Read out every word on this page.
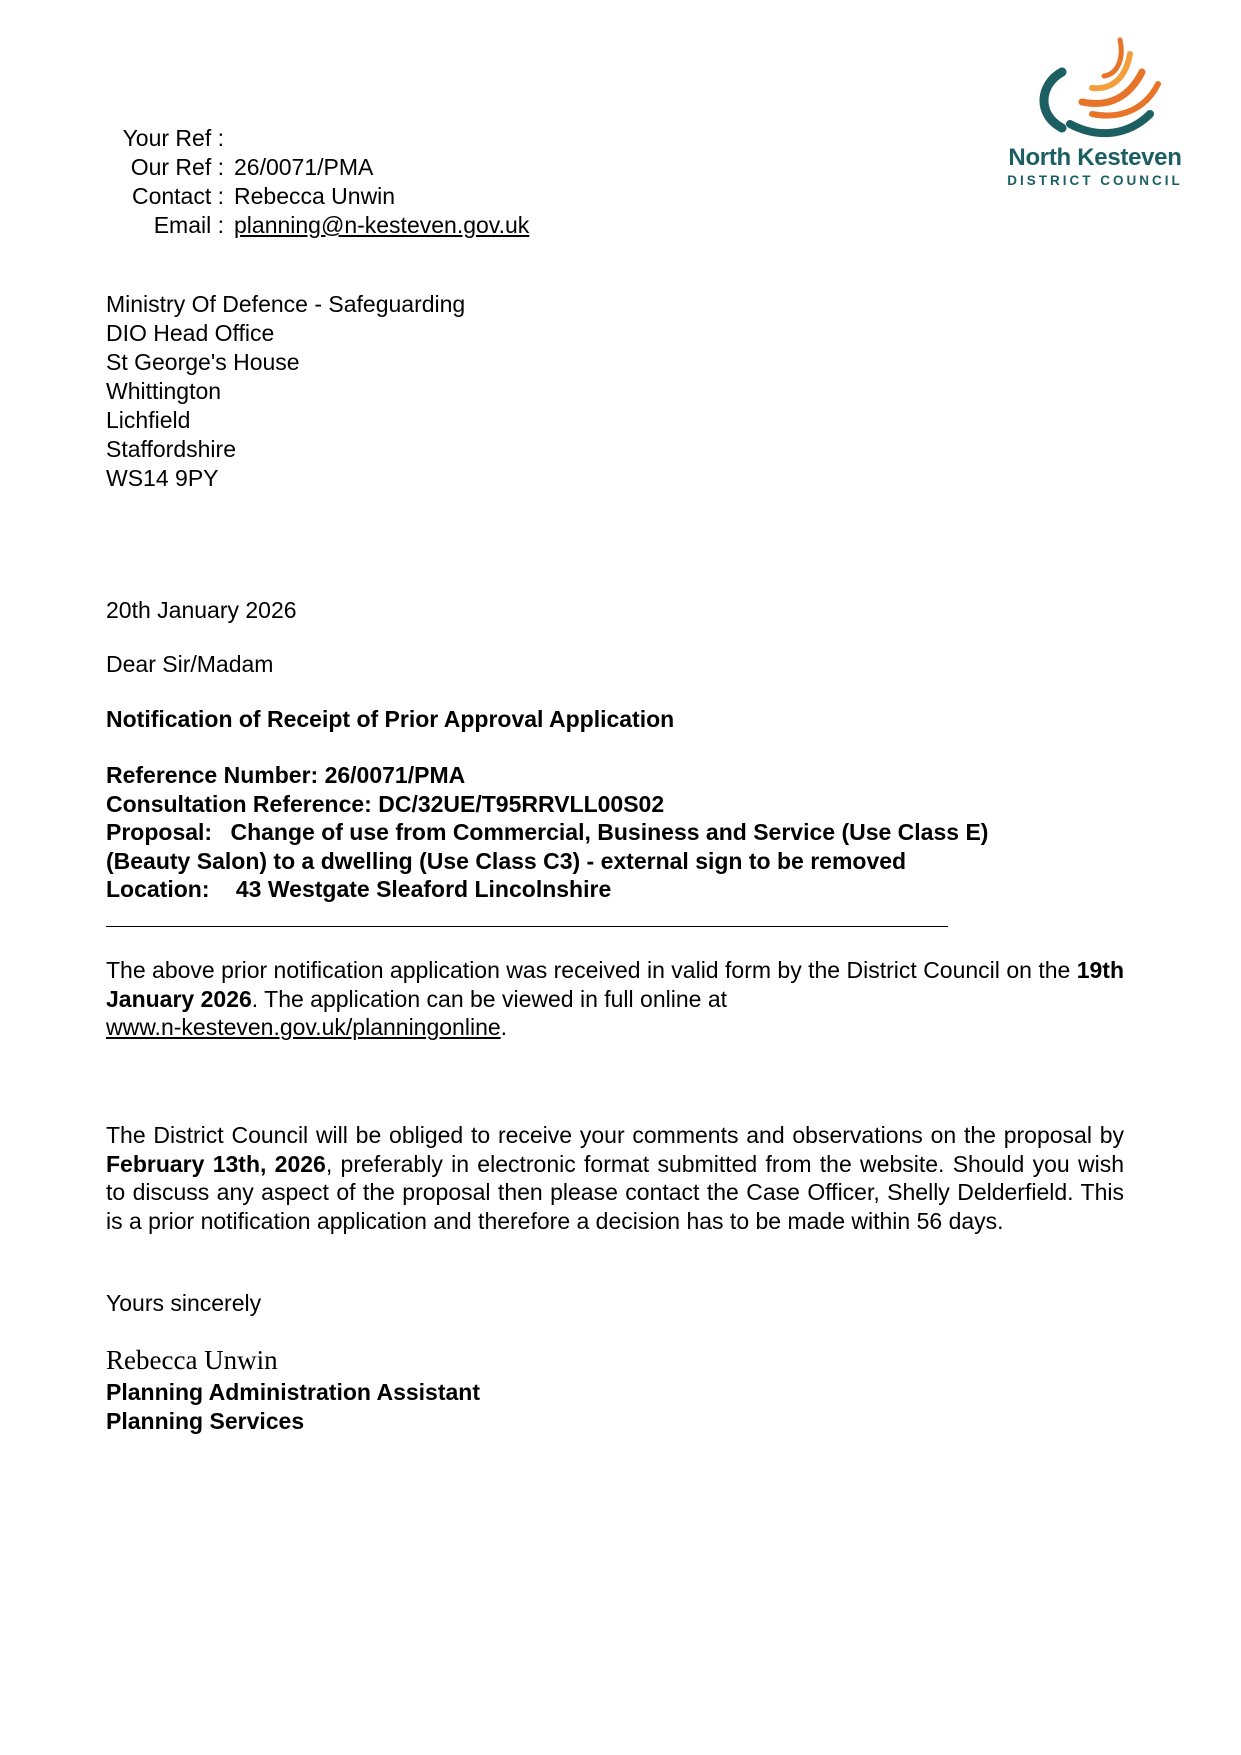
North Kesteven
DISTRICT COUNCIL
Your Ref :
Our Ref : 26/0071/PMA
Contact : Rebecca Unwin
Email : planning@n-kesteven.gov.uk
Ministry Of Defence - Safeguarding
DIO Head Office
St George's House
Whittington
Lichfield
Staffordshire
WS14 9PY
20th January 2026
Dear Sir/Madam
Notification of Receipt of Prior Approval Application
Reference Number: 26/0071/PMA
Consultation Reference: DC/32UE/T95RRVLL00S02
Proposal: Change of use from Commercial, Business and Service (Use Class E)
(Beauty Salon) to a dwelling (Use Class C3) - external sign to be removed
Location: 43 Westgate Sleaford Lincolnshire
The above prior notification application was received in valid form by the District Council on the 19th January 2026. The application can be viewed in full online at
www.n-kesteven.gov.uk/planningonline.
The District Council will be obliged to receive your comments and observations on the proposal by February 13th, 2026, preferably in electronic format submitted from the website. Should you wish to discuss any aspect of the proposal then please contact the Case Officer, Shelly Delderfield. This is a prior notification application and therefore a decision has to be made within 56 days.
Yours sincerely
Rebecca Unwin
Planning Administration Assistant
Planning Services
